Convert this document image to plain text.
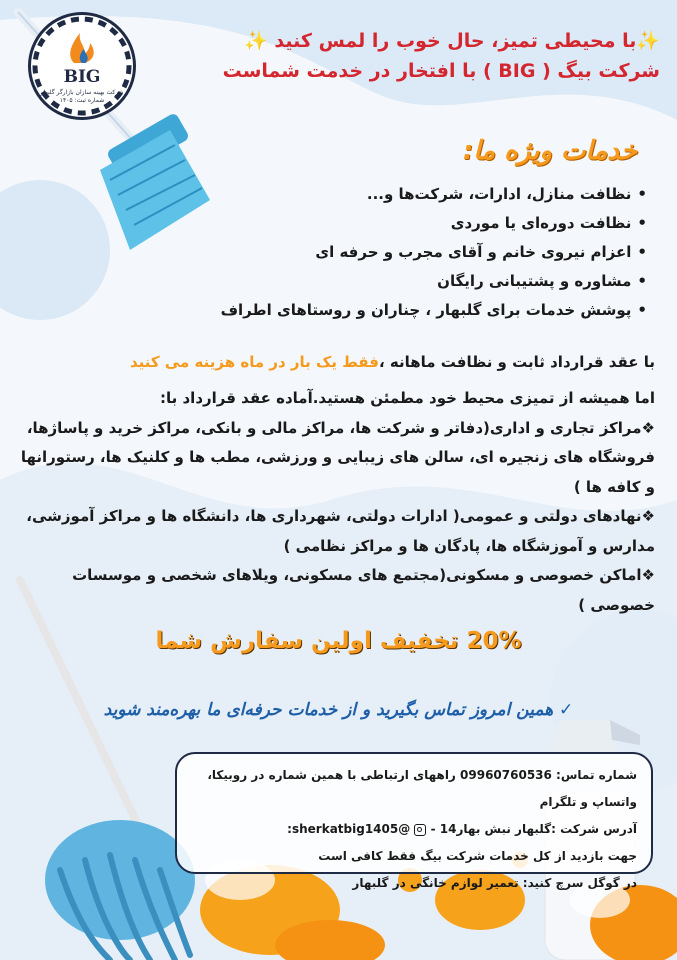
BIG
شرکت بهینه سازان بازارگر گلبهار
شماره ثبت: ۱۴۰۵

✨با محیطی تمیز، حال خوب را لمس کنید ✨

شرکت بیگ ( BIG ) با افتخار در خدمت شماست

خدمات ویژه ما:
• نظافت منازل، ادارات، شرکت‌ها و...
• نظافت دوره‌ای یا موردی
• اعزام نیروی خانم و آقای مجرب و حرفه ای
• مشاوره و پشتیبانی رایگان
• پوشش خدمات برای گلبهار ، چناران و روستاهای اطراف
با عقد قرارداد ثابت و نظافت ماهانه ،فقط یک بار در ماه هزینه می کنید

اما همیشه از تمیزی محیط خود مطمئن هستید.آماده عقد قرارداد با:

❖مراکز تجاری و اداری(دفاتر و شرکت ها، مراکز مالی و بانکی، مراکز خرید و پاساژها، فروشگاه های زنجیره ای، سالن های زیبایی و ورزشی، مطب ها و کلنیک ها، رستورانها و کافه ها )

❖نهادهای دولتی و عمومی( ادارات دولتی، شهرداری ها، دانشگاه ها و مراکز آموزشی، مدارس و آموزشگاه ها، پادگان ها و مراکز نظامی )

❖اماکن خصوصی و مسکونی(مجتمع های مسکونی، ویلاهای شخصی و موسسات خصوصی )

20% تخفیف اولین سفارش شما
✓ همین امروز تماس بگیرید و از خدمات حرفه‌ای ما بهره‌مند شوید

شماره تماس: 09960760536 راههای ارتباطی با همین شماره در روبیکا، واتساپ و تلگرام

آدرس شرکت :گلبهار نبش بهار14 -  @sherkatbig1405:

جهت بازدید از کل خدمات شرکت بیگ فقط کافی است

در گوگل سرچ کنید: تعمیر لوازم خانگی در گلبهار
